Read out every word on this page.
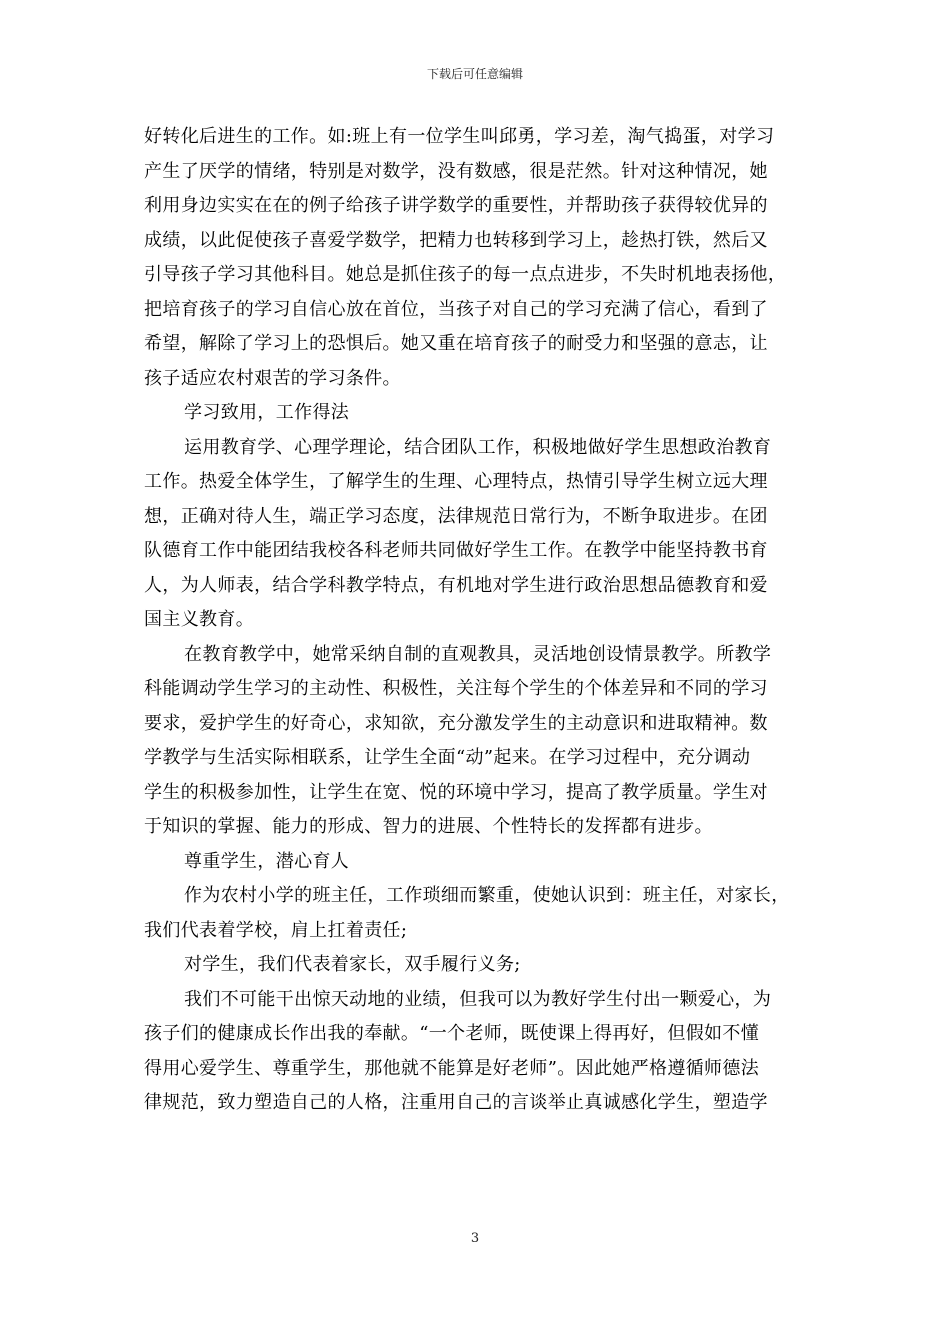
下载后可任意编辑
好转化后进生的工作。如:班上有一位学生叫邱勇，学习差，淘气捣蛋，对学习
产生了厌学的情绪，特别是对数学，没有数感，很是茫然。针对这种情况，她
利用身边实实在在的例子给孩子讲学数学的重要性，并帮助孩子获得较优异的
成绩，以此促使孩子喜爱学数学，把精力也转移到学习上，趁热打铁，然后又
引导孩子学习其他科目。她总是抓住孩子的每一点点进步，不失时机地表扬他，
把培育孩子的学习自信心放在首位，当孩子对自己的学习充满了信心，看到了
希望，解除了学习上的恐惧后。她又重在培育孩子的耐受力和坚强的意志，让
孩子适应农村艰苦的学习条件。
学习致用，工作得法
运用教育学、心理学理论，结合团队工作，积极地做好学生思想政治教育
工作。热爱全体学生，了解学生的生理、心理特点，热情引导学生树立远大理
想，正确对待人生，端正学习态度，法律规范日常行为，不断争取进步。在团
队德育工作中能团结我校各科老师共同做好学生工作。在教学中能坚持教书育
人，为人师表，结合学科教学特点，有机地对学生进行政治思想品德教育和爱
国主义教育。
在教育教学中，她常采纳自制的直观教具，灵活地创设情景教学。所教学
科能调动学生学习的主动性、积极性，关注每个学生的个体差异和不同的学习
要求，爱护学生的好奇心，求知欲，充分激发学生的主动意识和进取精神。数
学教学与生活实际相联系，让学生全面“动”起来。在学习过程中，充分调动
学生的积极参加性，让学生在宽、悦的环境中学习，提高了教学质量。学生对
于知识的掌握、能力的形成、智力的进展、个性特长的发挥都有进步。
尊重学生，潜心育人
作为农村小学的班主任，工作琐细而繁重，使她认识到：班主任，对家长，
我们代表着学校，肩上扛着责任;
对学生，我们代表着家长，双手履行义务;
我们不可能干出惊天动地的业绩，但我可以为教好学生付出一颗爱心，为
孩子们的健康成长作出我的奉献。“一个老师，既使课上得再好，但假如不懂
得用心爱学生、尊重学生，那他就不能算是好老师”。因此她严格遵循师德法
律规范，致力塑造自己的人格，注重用自己的言谈举止真诚感化学生，塑造学
3
